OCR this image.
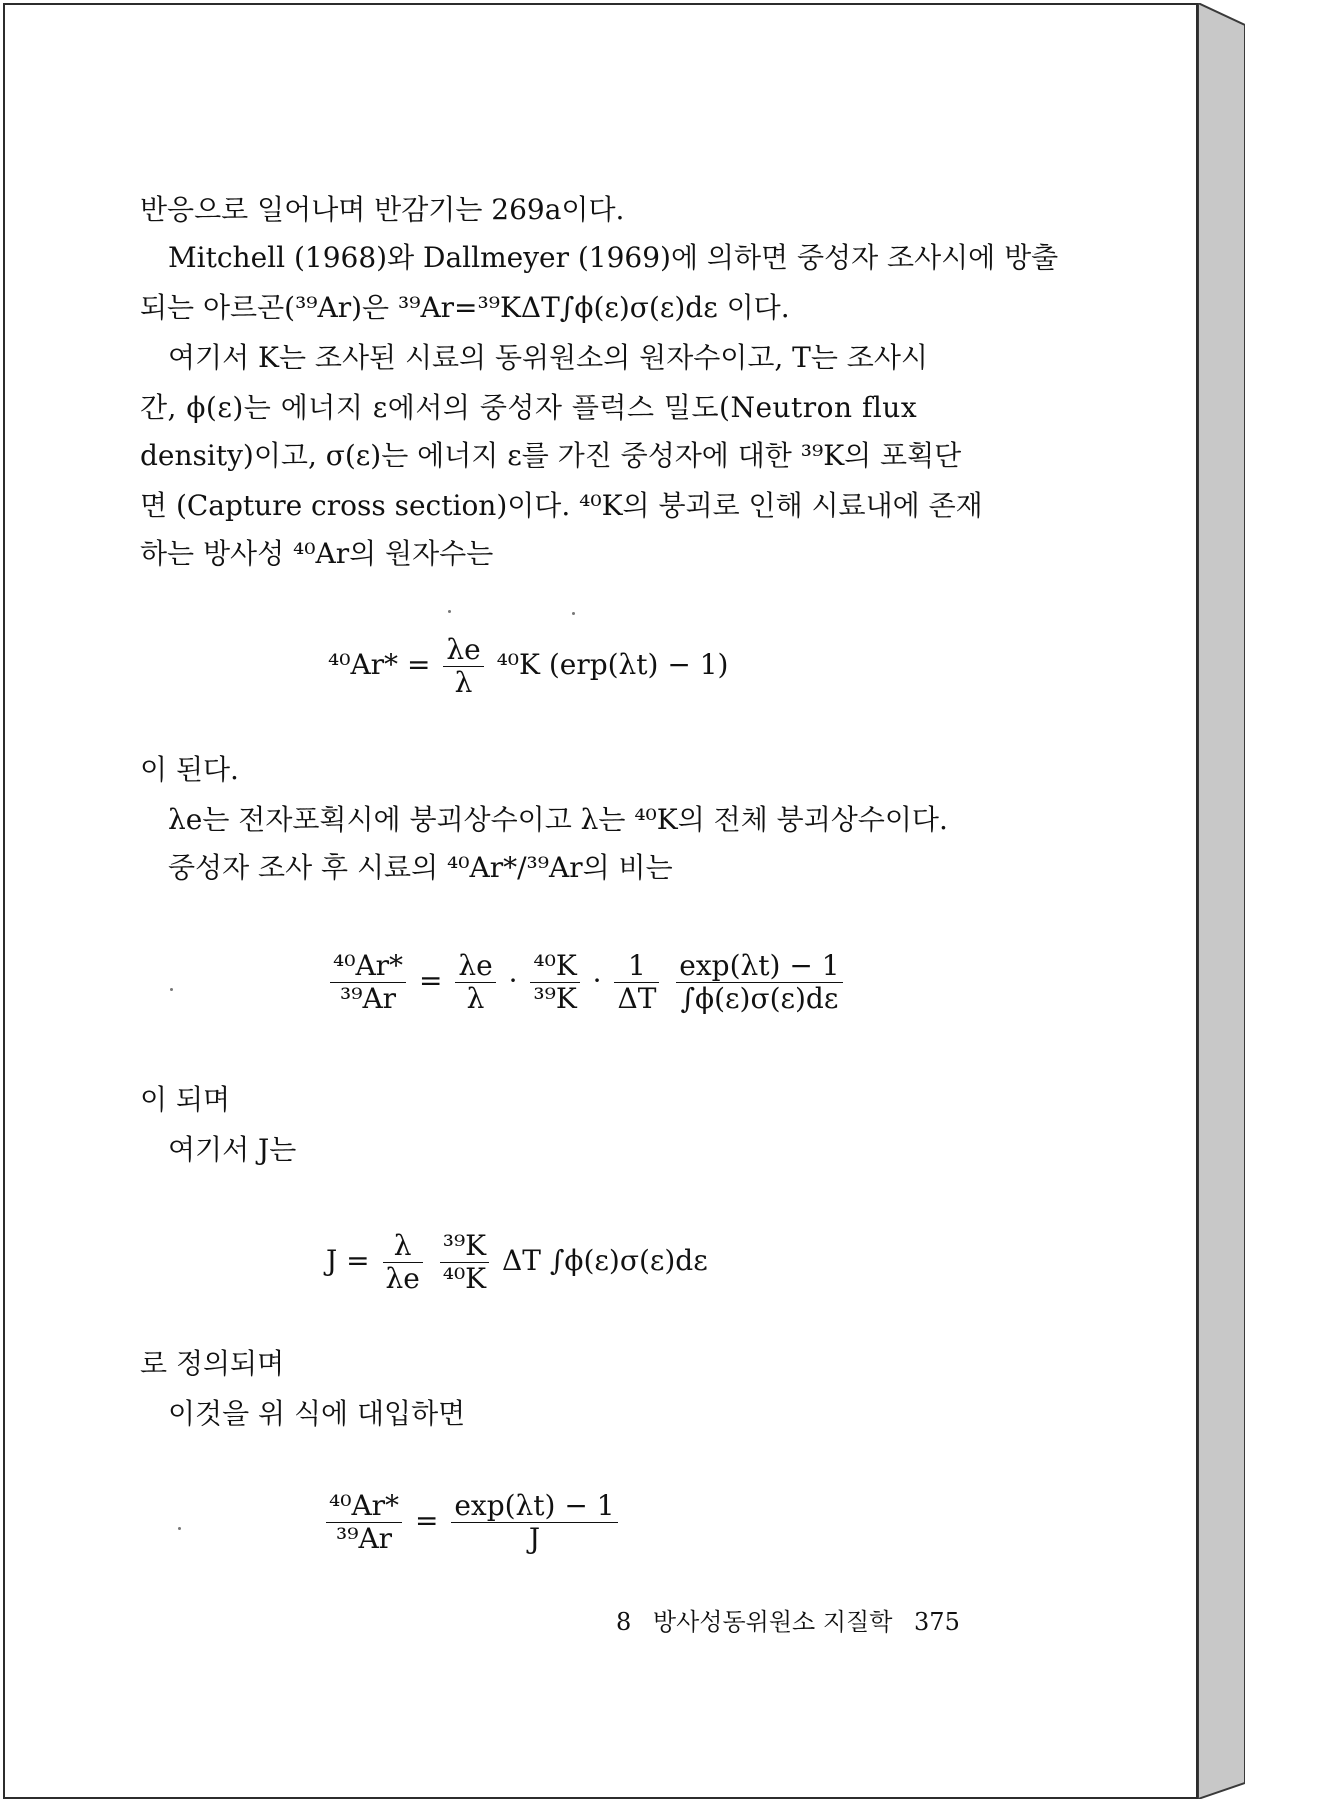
반응으로 일어나며 반감기는 269a이다.
Mitchell (1968)와 Dallmeyer (1969)에 의하면 중성자 조사시에 방출
되는 아르곤(³⁹Ar)은 ³⁹Ar=³⁹KΔT∫ϕ(ε)σ(ε)dε 이다.
여기서 K는 조사된 시료의 동위원소의 원자수이고, T는 조사시
간, ϕ(ε)는 에너지 ε에서의 중성자 플럭스 밀도(Neutron flux
density)이고, σ(ε)는 에너지 ε를 가진 중성자에 대한 ³⁹K의 포획단
면 (Capture cross section)이다. ⁴⁰K의 붕괴로 인해 시료내에 존재
하는 방사성 ⁴⁰Ar의 원자수는
$^{40}Ar* = \frac{\lambda e}{\lambda} ^{40}K$ (erp(λt) − 1)
이 된다.
λe는 전자포획시에 붕괴상수이고 λ는 ⁴⁰K의 전체 붕괴상수이다.
중성자 조사 후 시료의 ⁴⁰Ar*/³⁹Ar의 비는
$\frac{\text{⁴⁰Ar*}}{\text{³⁹Ar}} = \frac{\lambda e}{\lambda} \cdot \frac{\text{⁴⁰K}}{\text{³⁹K}} \cdot \frac{1}{\Delta T}$
$\frac{\exp(\lambda t) - 1}{\int\phi(\varepsilon)\sigma(\varepsilon)d\varepsilon}$
이 되며
여기서 J는
$J = \frac{\lambda}{\lambda e}$
$\frac{\text{³⁹K}}{\text{⁴⁰K}}$ ΔT ∫ϕ(ε)σ(ε)dε
로 정의되며
이것을 위 식에 대입하면
$\frac{\text{⁴⁰Ar*}}{\text{³⁹Ar}} = \frac{\exp(\lambda t) - 1}{J}$
8 방사성동위원소 지질학 375
